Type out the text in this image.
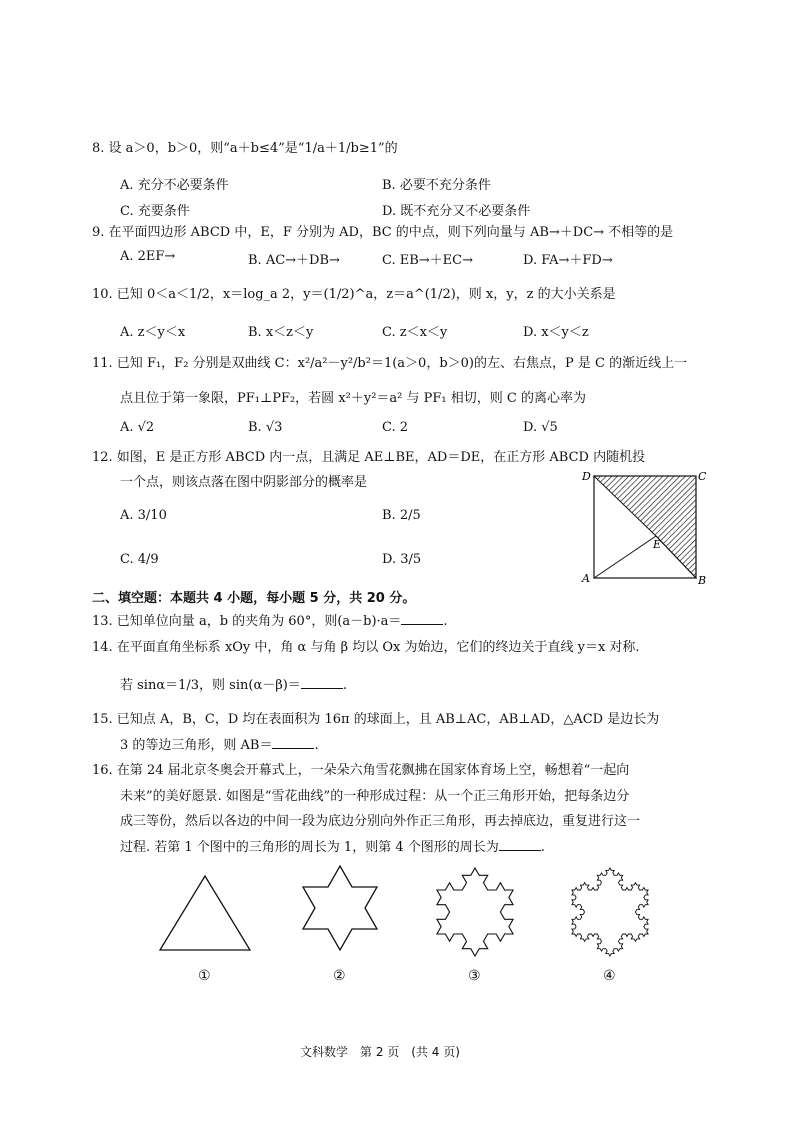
8. 设 a＞0，b＞0，则“a＋b≤4”是“1/a＋1/b≥1”的
A. 充分不必要条件	B. 必要不充分条件
C. 充要条件	D. 既不充分又不必要条件
9. 在平面四边形 ABCD 中，E，F 分别为 AD，BC 的中点，则下列向量与 AB→＋DC→ 不相等的是
A. 2EF→	B. AC→＋DB→	C. EB→＋EC→	D. FA→＋FD→
10. 已知 0＜a＜1/2，x＝log_a 2，y＝(1/2)^a，z＝a^(1/2)，则 x，y，z 的大小关系是
A. z＜y＜x	B. x＜z＜y	C. z＜x＜y	D. x＜y＜z
11. 已知 F₁，F₂ 分别是双曲线 C：x²/a²－y²/b²＝1(a＞0，b＞0)的左、右焦点，P 是 C 的渐近线上一
点且位于第一象限，PF₁⊥PF₂，若圆 x²＋y²＝a² 与 PF₁ 相切，则 C 的离心率为
A. √2	B. √3	C. 2	D. √5
12. 如图，E 是正方形 ABCD 内一点，且满足 AE⊥BE，AD＝DE，在正方形 ABCD 内随机投
一个点，则该点落在图中阴影部分的概率是
A. 3/10	B. 2/5
C. 4/9	D. 3/5
D	C
E
A	B
二、填空题：本题共 4 小题，每小题 5 分，共 20 分。
13. 已知单位向量 a，b 的夹角为 60°，则(a－b)·a＝	.
14. 在平面直角坐标系 xOy 中，角 α 与角 β 均以 Ox 为始边，它们的终边关于直线 y＝x 对称.
若 sinα＝1/3，则 sin(α－β)＝	.
15. 已知点 A，B，C，D 均在表面积为 16π 的球面上，且 AB⊥AC，AB⊥AD，△ACD 是边长为
3 的等边三角形，则 AB＝	.
16. 在第 24 届北京冬奥会开幕式上，一朵朵六角雪花飘拂在国家体育场上空，畅想着“一起向
未来”的美好愿景. 如图是“雪花曲线”的一种形成过程：从一个正三角形开始，把每条边分
成三等份，然后以各边的中间一段为底边分别向外作正三角形，再去掉底边，重复进行这一
过程. 若第 1 个图中的三角形的周长为 1，则第 4 个图形的周长为	.
①	②	③	④
文科数学　第 2 页　(共 4 页)
